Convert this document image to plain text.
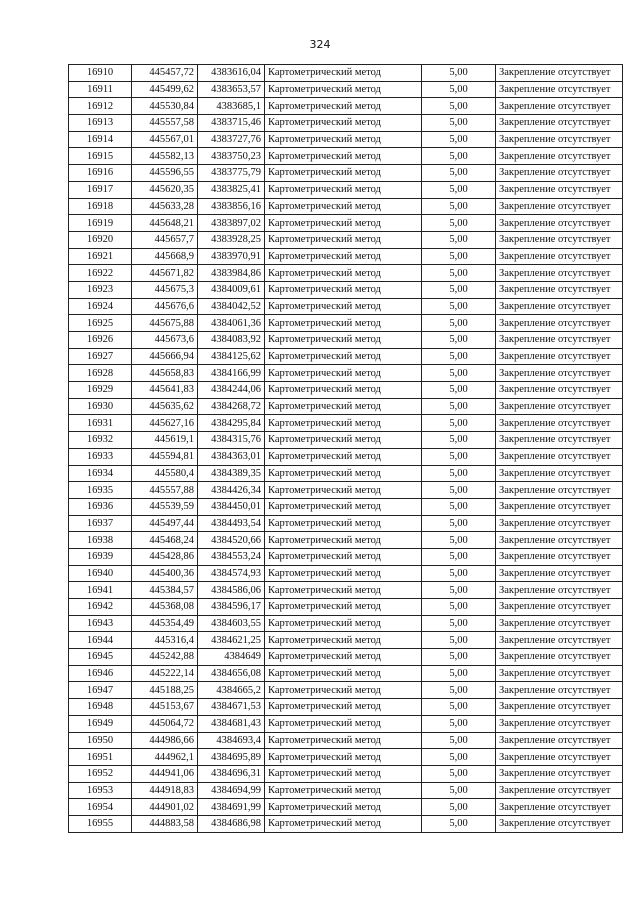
324
16910	445457,72	4383616,04	Картометрический метод	5,00	Закрепление отсутствует
16911	445499,62	4383653,57	Картометрический метод	5,00	Закрепление отсутствует
16912	445530,84	4383685,1	Картометрический метод	5,00	Закрепление отсутствует
16913	445557,58	4383715,46	Картометрический метод	5,00	Закрепление отсутствует
16914	445567,01	4383727,76	Картометрический метод	5,00	Закрепление отсутствует
16915	445582,13	4383750,23	Картометрический метод	5,00	Закрепление отсутствует
16916	445596,55	4383775,79	Картометрический метод	5,00	Закрепление отсутствует
16917	445620,35	4383825,41	Картометрический метод	5,00	Закрепление отсутствует
16918	445633,28	4383856,16	Картометрический метод	5,00	Закрепление отсутствует
16919	445648,21	4383897,02	Картометрический метод	5,00	Закрепление отсутствует
16920	445657,7	4383928,25	Картометрический метод	5,00	Закрепление отсутствует
16921	445668,9	4383970,91	Картометрический метод	5,00	Закрепление отсутствует
16922	445671,82	4383984,86	Картометрический метод	5,00	Закрепление отсутствует
16923	445675,3	4384009,61	Картометрический метод	5,00	Закрепление отсутствует
16924	445676,6	4384042,52	Картометрический метод	5,00	Закрепление отсутствует
16925	445675,88	4384061,36	Картометрический метод	5,00	Закрепление отсутствует
16926	445673,6	4384083,92	Картометрический метод	5,00	Закрепление отсутствует
16927	445666,94	4384125,62	Картометрический метод	5,00	Закрепление отсутствует
16928	445658,83	4384166,99	Картометрический метод	5,00	Закрепление отсутствует
16929	445641,83	4384244,06	Картометрический метод	5,00	Закрепление отсутствует
16930	445635,62	4384268,72	Картометрический метод	5,00	Закрепление отсутствует
16931	445627,16	4384295,84	Картометрический метод	5,00	Закрепление отсутствует
16932	445619,1	4384315,76	Картометрический метод	5,00	Закрепление отсутствует
16933	445594,81	4384363,01	Картометрический метод	5,00	Закрепление отсутствует
16934	445580,4	4384389,35	Картометрический метод	5,00	Закрепление отсутствует
16935	445557,88	4384426,34	Картометрический метод	5,00	Закрепление отсутствует
16936	445539,59	4384450,01	Картометрический метод	5,00	Закрепление отсутствует
16937	445497,44	4384493,54	Картометрический метод	5,00	Закрепление отсутствует
16938	445468,24	4384520,66	Картометрический метод	5,00	Закрепление отсутствует
16939	445428,86	4384553,24	Картометрический метод	5,00	Закрепление отсутствует
16940	445400,36	4384574,93	Картометрический метод	5,00	Закрепление отсутствует
16941	445384,57	4384586,06	Картометрический метод	5,00	Закрепление отсутствует
16942	445368,08	4384596,17	Картометрический метод	5,00	Закрепление отсутствует
16943	445354,49	4384603,55	Картометрический метод	5,00	Закрепление отсутствует
16944	445316,4	4384621,25	Картометрический метод	5,00	Закрепление отсутствует
16945	445242,88	4384649	Картометрический метод	5,00	Закрепление отсутствует
16946	445222,14	4384656,08	Картометрический метод	5,00	Закрепление отсутствует
16947	445188,25	4384665,2	Картометрический метод	5,00	Закрепление отсутствует
16948	445153,67	4384671,53	Картометрический метод	5,00	Закрепление отсутствует
16949	445064,72	4384681,43	Картометрический метод	5,00	Закрепление отсутствует
16950	444986,66	4384693,4	Картометрический метод	5,00	Закрепление отсутствует
16951	444962,1	4384695,89	Картометрический метод	5,00	Закрепление отсутствует
16952	444941,06	4384696,31	Картометрический метод	5,00	Закрепление отсутствует
16953	444918,83	4384694,99	Картометрический метод	5,00	Закрепление отсутствует
16954	444901,02	4384691,99	Картометрический метод	5,00	Закрепление отсутствует
16955	444883,58	4384686,98	Картометрический метод	5,00	Закрепление отсутствует
